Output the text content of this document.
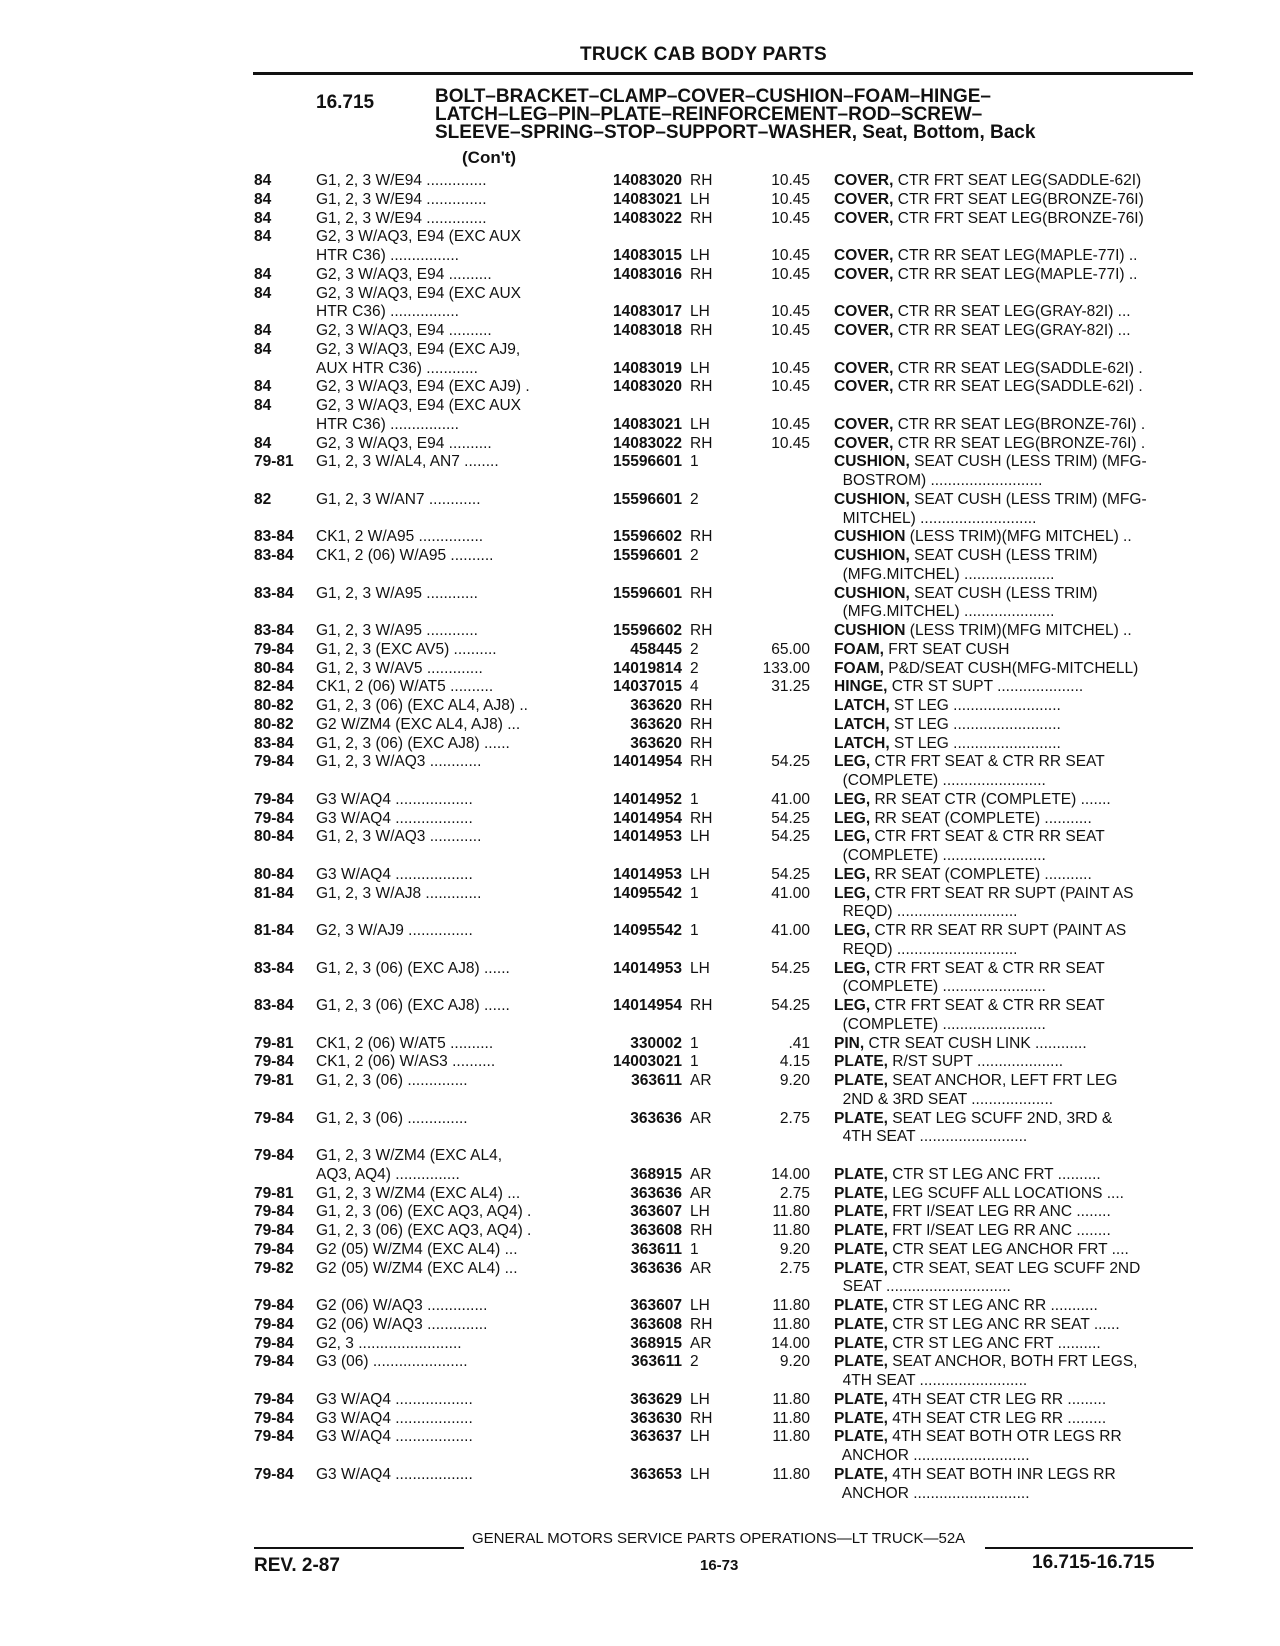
TRUCK CAB BODY PARTS
16.715	BOLT–BRACKET–CLAMP–COVER–CUSHION–FOAM–HINGE–
LATCH–LEG–PIN–PLATE–REINFORCEMENT–ROD–SCREW–
SLEEVE–SPRING–STOP–SUPPORT–WASHER, Seat, Bottom, Back
(Con't)
84	G1, 2, 3 W/E94 ..............	14083020 RH	10.45 COVER, CTR FRT SEAT LEG(SADDLE-62I)
84	G1, 2, 3 W/E94 ..............	14083021 LH	10.45 COVER, CTR FRT SEAT LEG(BRONZE-76I)
84	G1, 2, 3 W/E94 ..............	14083022 RH	10.45 COVER, CTR FRT SEAT LEG(BRONZE-76I)
84	G2, 3 W/AQ3, E94 (EXC AUX
HTR C36) ................	14083015 LH	10.45 COVER, CTR RR SEAT LEG(MAPLE-77I) ..
84	G2, 3 W/AQ3, E94 ..........	14083016 RH	10.45 COVER, CTR RR SEAT LEG(MAPLE-77I) ..
84	G2, 3 W/AQ3, E94 (EXC AUX
HTR C36) ................	14083017 LH	10.45 COVER, CTR RR SEAT LEG(GRAY-82I) ...
84	G2, 3 W/AQ3, E94 ..........	14083018 RH	10.45 COVER, CTR RR SEAT LEG(GRAY-82I) ...
84	G2, 3 W/AQ3, E94 (EXC AJ9,
AUX HTR C36) ............	14083019 LH	10.45 COVER, CTR RR SEAT LEG(SADDLE-62I) .
84	G2, 3 W/AQ3, E94 (EXC AJ9) .	14083020 RH	10.45 COVER, CTR RR SEAT LEG(SADDLE-62I) .
84	G2, 3 W/AQ3, E94 (EXC AUX
HTR C36) ................	14083021 LH	10.45 COVER, CTR RR SEAT LEG(BRONZE-76I) .
84	G2, 3 W/AQ3, E94 ..........	14083022 RH	10.45 COVER, CTR RR SEAT LEG(BRONZE-76I) .
79-81	G1, 2, 3 W/AL4, AN7 ........	15596601 1	CUSHION, SEAT CUSH (LESS TRIM) (MFG-
BOSTROM) ..........................
82	G1, 2, 3 W/AN7 ............	15596601 2	CUSHION, SEAT CUSH (LESS TRIM) (MFG-
MITCHEL) ...........................
83-84	CK1, 2 W/A95 ...............	15596602 RH	CUSHION (LESS TRIM)(MFG MITCHEL) ..
83-84	CK1, 2 (06) W/A95 ..........	15596601 2	CUSHION, SEAT CUSH (LESS TRIM)
(MFG.MITCHEL) .....................
83-84	G1, 2, 3 W/A95 ............	15596601 RH	CUSHION, SEAT CUSH (LESS TRIM)
(MFG.MITCHEL) .....................
83-84	G1, 2, 3 W/A95 ............	15596602 RH	CUSHION (LESS TRIM)(MFG MITCHEL) ..
79-84	G1, 2, 3 (EXC AV5) ..........	458445 2	65.00 FOAM, FRT SEAT CUSH
80-84	G1, 2, 3 W/AV5 .............	14019814 2	133.00 FOAM, P&D/SEAT CUSH(MFG-MITCHELL)
82-84	CK1, 2 (06) W/AT5 ..........	14037015 4	31.25 HINGE, CTR ST SUPT ....................
80-82	G1, 2, 3 (06) (EXC AL4, AJ8) ..	363620 RH	LATCH, ST LEG .........................
80-82	G2 W/ZM4 (EXC AL4, AJ8) ...	363620 RH	LATCH, ST LEG .........................
83-84	G1, 2, 3 (06) (EXC AJ8) ......	363620 RH	LATCH, ST LEG .........................
79-84	G1, 2, 3 W/AQ3 ............	14014954 RH	54.25 LEG, CTR FRT SEAT & CTR RR SEAT
(COMPLETE) ........................
79-84	G3 W/AQ4 ..................	14014952 1	41.00 LEG, RR SEAT CTR (COMPLETE) .......
79-84	G3 W/AQ4 ..................	14014954 RH	54.25 LEG, RR SEAT (COMPLETE) ...........
80-84	G1, 2, 3 W/AQ3 ............	14014953 LH	54.25 LEG, CTR FRT SEAT & CTR RR SEAT
(COMPLETE) ........................
80-84	G3 W/AQ4 ..................	14014953 LH	54.25 LEG, RR SEAT (COMPLETE) ...........
81-84	G1, 2, 3 W/AJ8 .............	14095542 1	41.00 LEG, CTR FRT SEAT RR SUPT (PAINT AS
REQD) ............................
81-84	G2, 3 W/AJ9 ...............	14095542 1	41.00 LEG, CTR RR SEAT RR SUPT (PAINT AS
REQD) ............................
83-84	G1, 2, 3 (06) (EXC AJ8) ......	14014953 LH	54.25 LEG, CTR FRT SEAT & CTR RR SEAT
(COMPLETE) ........................
83-84	G1, 2, 3 (06) (EXC AJ8) ......	14014954 RH	54.25 LEG, CTR FRT SEAT & CTR RR SEAT
(COMPLETE) ........................
79-81	CK1, 2 (06) W/AT5 ..........	330002 1	.41 PIN, CTR SEAT CUSH LINK ............
79-84	CK1, 2 (06) W/AS3 ..........	14003021 1	4.15 PLATE, R/ST SUPT ....................
79-81	G1, 2, 3 (06) ..............	363611 AR	9.20 PLATE, SEAT ANCHOR, LEFT FRT LEG
2ND & 3RD SEAT ...................
79-84	G1, 2, 3 (06) ..............	363636 AR	2.75 PLATE, SEAT LEG SCUFF 2ND, 3RD &
4TH SEAT .........................
79-84	G1, 2, 3 W/ZM4 (EXC AL4,
AQ3, AQ4) ...............	368915 AR	14.00 PLATE, CTR ST LEG ANC FRT ..........
79-81	G1, 2, 3 W/ZM4 (EXC AL4) ...	363636 AR	2.75 PLATE, LEG SCUFF ALL LOCATIONS ....
79-84	G1, 2, 3 (06) (EXC AQ3, AQ4) .	363607 LH	11.80 PLATE, FRT I/SEAT LEG RR ANC ........
79-84	G1, 2, 3 (06) (EXC AQ3, AQ4) .	363608 RH	11.80 PLATE, FRT I/SEAT LEG RR ANC ........
79-84	G2 (05) W/ZM4 (EXC AL4) ...	363611 1	9.20 PLATE, CTR SEAT LEG ANCHOR FRT ....
79-82	G2 (05) W/ZM4 (EXC AL4) ...	363636 AR	2.75 PLATE, CTR SEAT, SEAT LEG SCUFF 2ND
SEAT .............................
79-84	G2 (06) W/AQ3 ..............	363607 LH	11.80 PLATE, CTR ST LEG ANC RR ...........
79-84	G2 (06) W/AQ3 ..............	363608 RH	11.80 PLATE, CTR ST LEG ANC RR SEAT ......
79-84	G2, 3 ........................	368915 AR	14.00 PLATE, CTR ST LEG ANC FRT ..........
79-84	G3 (06) ......................	363611 2	9.20 PLATE, SEAT ANCHOR, BOTH FRT LEGS,
4TH SEAT .........................
79-84	G3 W/AQ4 ..................	363629 LH	11.80 PLATE, 4TH SEAT CTR LEG RR .........
79-84	G3 W/AQ4 ..................	363630 RH	11.80 PLATE, 4TH SEAT CTR LEG RR .........
79-84	G3 W/AQ4 ..................	363637 LH	11.80 PLATE, 4TH SEAT BOTH OTR LEGS RR
ANCHOR ...........................
79-84	G3 W/AQ4 ..................	363653 LH	11.80 PLATE, 4TH SEAT BOTH INR LEGS RR
ANCHOR ...........................
GENERAL MOTORS SERVICE PARTS OPERATIONS—LT TRUCK—52A
REV. 2-87	16-73	16.715-16.715
